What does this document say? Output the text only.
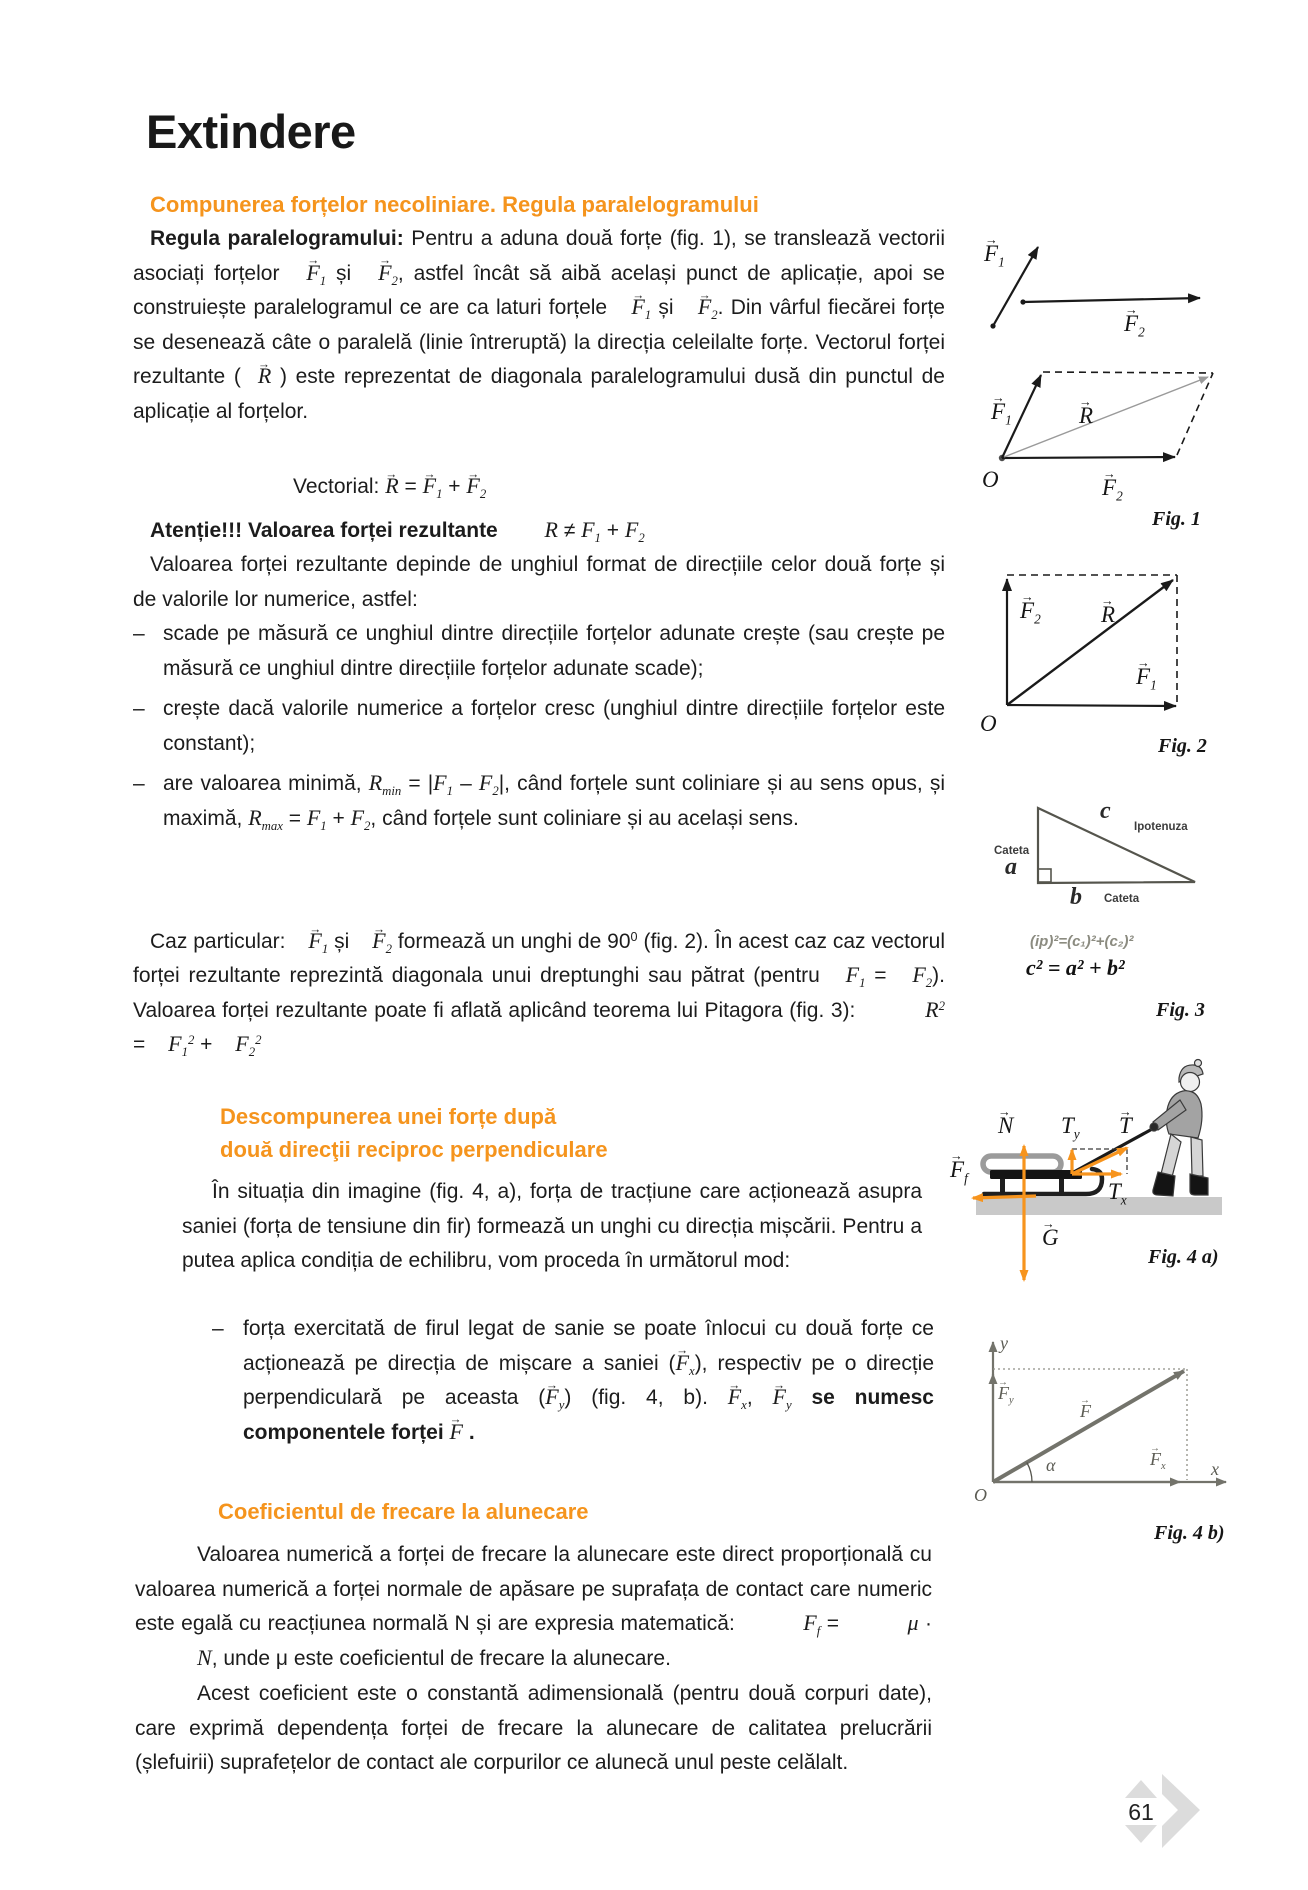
Extindere
Compunerea forțelor necoliniare. Regula paralelogramului
Regula paralelogramului: Pentru a aduna două forțe (fig. 1), se translează vectorii asociați forțelor → $F_1$ și → $F_2$, astfel încât să aibă același punct de aplicație, apoi se construiește paralelogramul ce are ca laturi forțele → $F_1$ și → $F_2$. Din vârful fiecărei forțe se desenează câte o paralelă (linie întreruptă) la direcția celeilalte forțe. Vectorul forței rezultante ( → R ) este reprezentat de diagonala paralelogramului dusă din punctul de aplicație al forțelor.
Vectorial: → R = → $F_1$ + → $F_2$
Atenție!!! Valoarea forței rezultante $R \ne F_1 + F_2$
Valoarea forței rezultante depinde de unghiul format de direcțiile celor două forțe și de valorile lor numerice, astfel:
– scade pe măsură ce unghiul dintre direcțiile forțelor adunate crește (sau crește pe măsură ce unghiul dintre direcțiile forțelor adunate scade);
– crește dacă valorile numerice a forțelor cresc (unghiul dintre direcțiile forțelor este constant);
– are valoarea minimă, $R_{min} = |F_1 - F_2|$, când forțele sunt coliniare și au sens opus, și maximă, $R_{max} = F_1 + F_2$, când forțele sunt coliniare și au același sens.
Caz particular: → $F_1$ și → $F_2$ formează un unghi de $90^0$ (fig. 2). În acest caz caz vectorul forței rezultante reprezintă diagonala unui dreptunghi sau pătrat (pentru $F_1 = F_2$). Valoarea forței rezultante poate fi aflată aplicând teorema lui Pitagora (fig. 3):	$R^2 = F_1^2 + F_2^2$
Descompunerea unei forțe după
două direcţii reciproc perpendiculare
În situația din imagine (fig. 4, a), forța de tracțiune care acționează asupra saniei (forța de tensiune din fir) formează un unghi cu direcția mișcării. Pentru a putea aplica condiția de echilibru, vom proceda în următorul mod:
– forța exercitată de firul legat de sanie se poate înlocui cu două forțe ce acționează pe direcția de mișcare a saniei (→ $F_x$), respectiv pe o direcție perpendiculară pe aceasta (→ $F_y$) (fig. 4, b). → $F_x$, → $F_y$ se numesc componentele forței → F .
Coeficientul de frecare la alunecare
Valoarea numerică a forței de frecare la alunecare este direct proporțională cu valoarea numerică a forței normale de apăsare pe suprafața de contact care numeric este egală cu reacțiunea normală N și are expresia matematică:	$F_f$ =	μ · N, unde μ este coeficientul de frecare la alunecare.
Acest coeficient este o constantă adimensională (pentru două corpuri date), care exprimă dependența forței de frecare la alunecare de calitatea prelucrării (șlefuirii) suprafețelor de contact ale corpurilor ce alunecă unul peste celălalt.
→ $F_1$
→ $F_2$
→ $F_1$	→ R
→ $F_2$
O
Fig. 1
→ $F_2$	→ R
→ $F_1$
O
Fig. 2
c
Ipotenuza
Cateta
a
b Cateta
(ip)²=(c₁)²+(c₂)²
c² = a² + b²
Fig. 3
→ N $T_y \to T$
→ $F_f$
$T_x$
→ G
Fig. 4 a)
y
→ $F_y$
→ F
α	→ $F_x$	x
O
Fig. 4 b)
61
